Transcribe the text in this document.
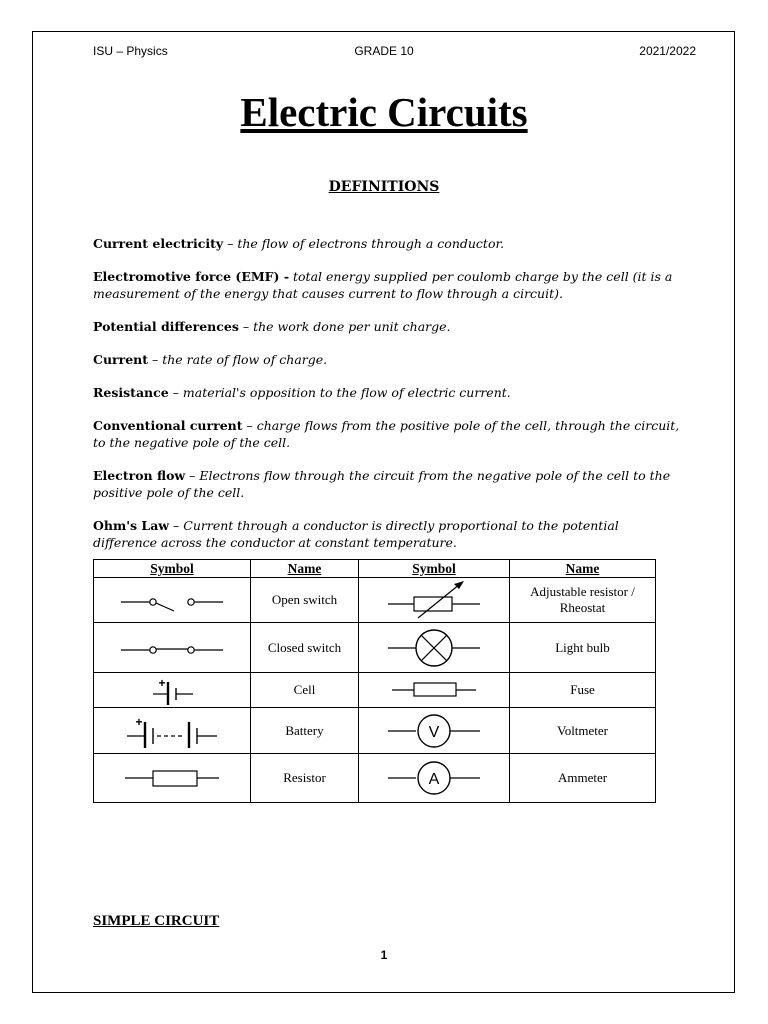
ISU – Physics	GRADE 10	2021/2022
Electric Circuits
DEFINITIONS

Current electricity – the flow of electrons through a conductor.

Electromotive force (EMF) - total energy supplied per coulomb charge by the cell (it is a measurement of the energy that causes current to flow through a circuit).

Potential differences – the work done per unit charge.

Current – the rate of flow of charge.

Resistance – material's opposition to the flow of electric current.

Conventional current – charge flows from the positive pole of the cell, through the circuit, to the negative pole of the cell.

Electron flow – Electrons flow through the circuit from the negative pole of the cell to the positive pole of the cell.

Ohm's Law – Current through a conductor is directly proportional to the potential difference across the conductor at constant temperature.

Symbol	Name	Symbol	Name

	Open switch		Adjustable resistor / Rheostat

	Closed switch		Light bulb

+	Cell		Fuse

+	Battery	V	Voltmeter

	Resistor	A	Ammeter
SIMPLE CIRCUIT
1
